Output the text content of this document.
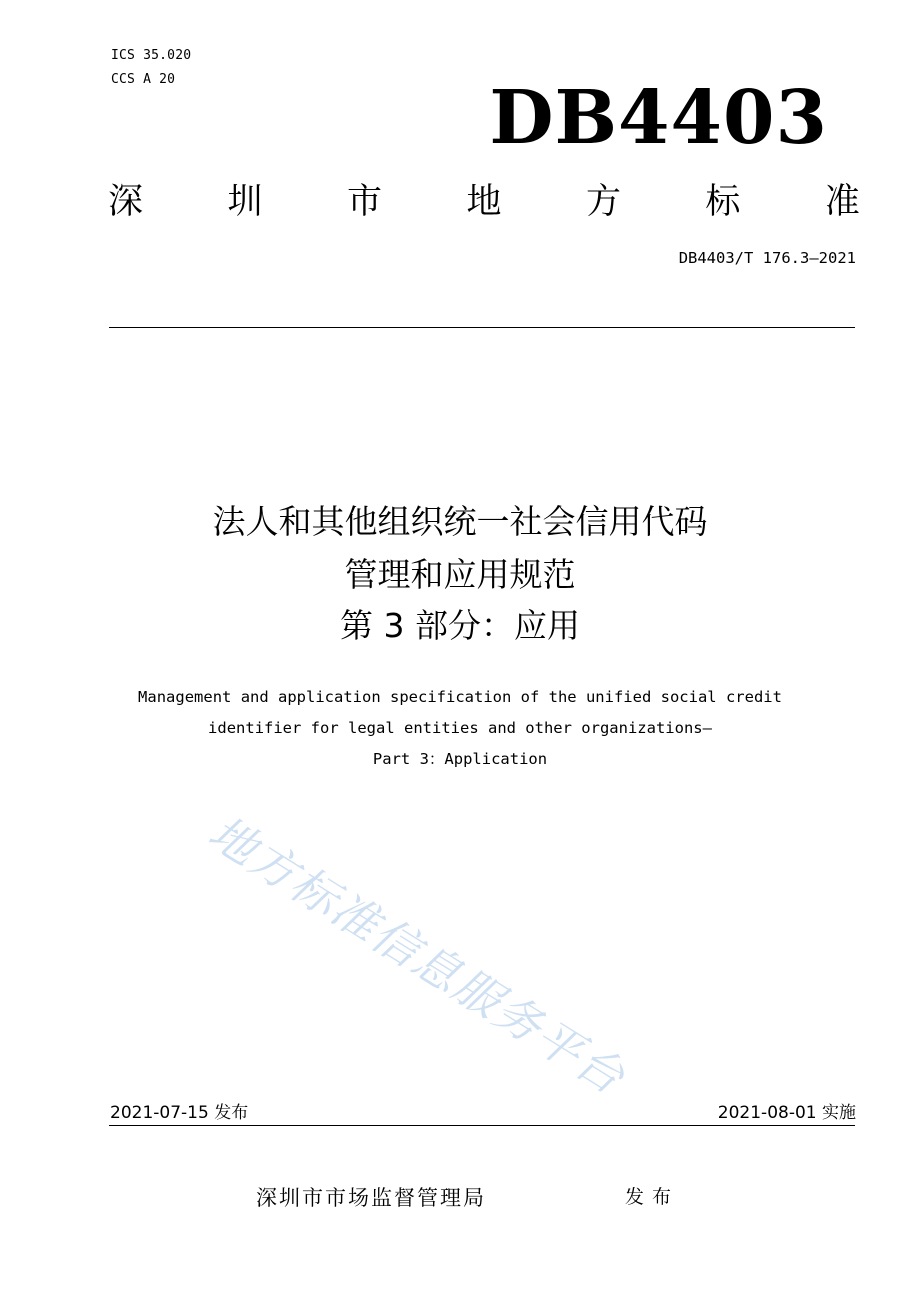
ICS 35.020
CCS A 20	DB4403
深 圳 市 地 方 标 准
DB4403/T 176.3—2021
法人和其他组织统一社会信用代码
管理和应用规范
第 3 部分：应用
Management and application specification of the unified social credit
identifier for legal entities and other organizations—
Part 3：Application
地方标准信息服务平台
2021-07-15 发布	2021-08-01 实施
深圳市市场监督管理局	发布
